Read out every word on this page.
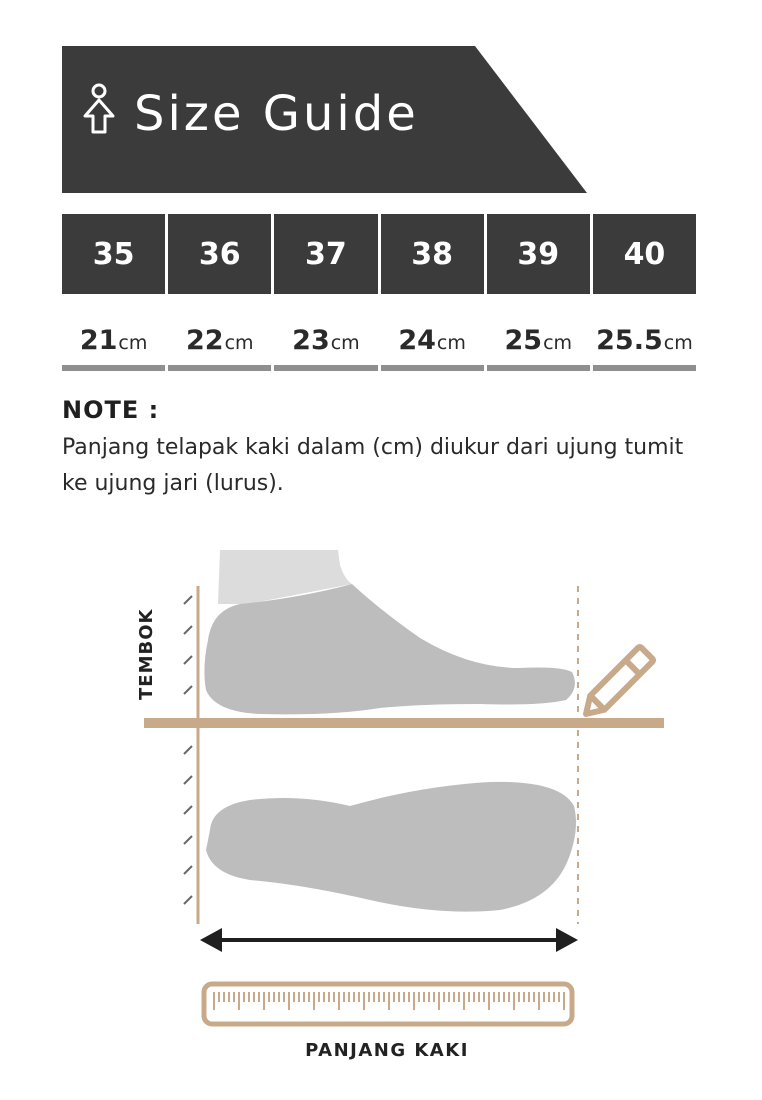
Size Guide
35	36	37	38	39	40
21 cm 22 cm 23 cm 24 cm 25 cm 25.5 cm
NOTE :
Panjang telapak kaki dalam (cm) diukur dari ujung tumit ke ujung jari (lurus).
TEMBOK
PANJANG KAKI
